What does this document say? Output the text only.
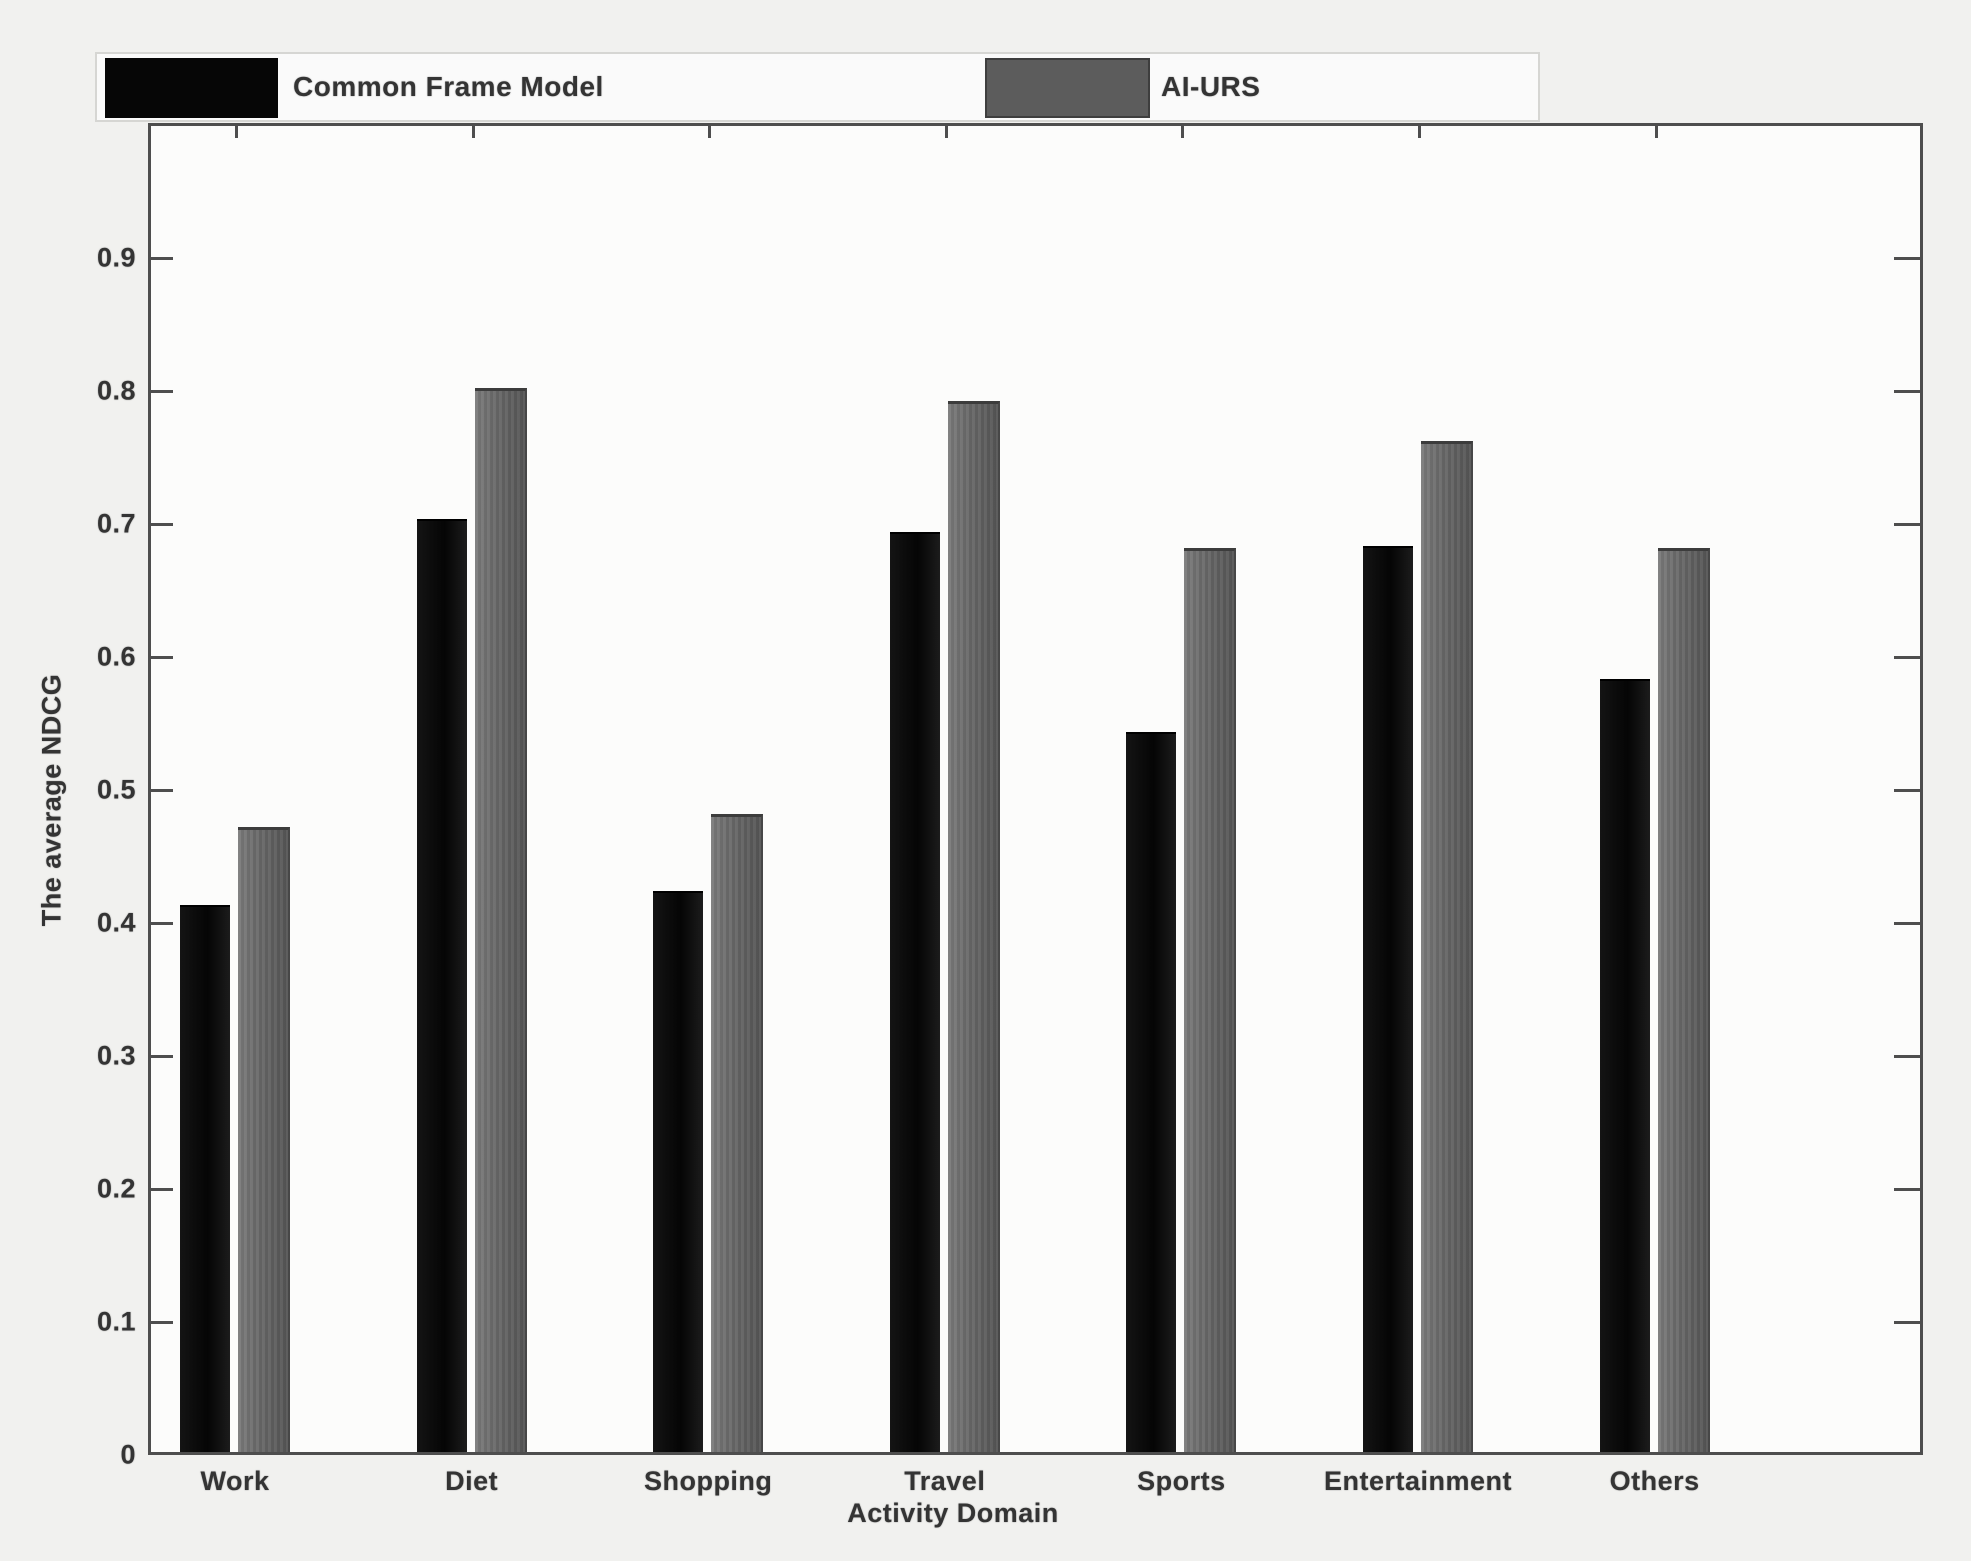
Common Frame Model	AI-URS
The average NDCG
Work	Diet	Shopping	Travel	Sports	Entertainment	Others
0
0.1
0.2
0.3
0.4
0.5
0.6
0.7
0.8
0.9
Activity Domain
